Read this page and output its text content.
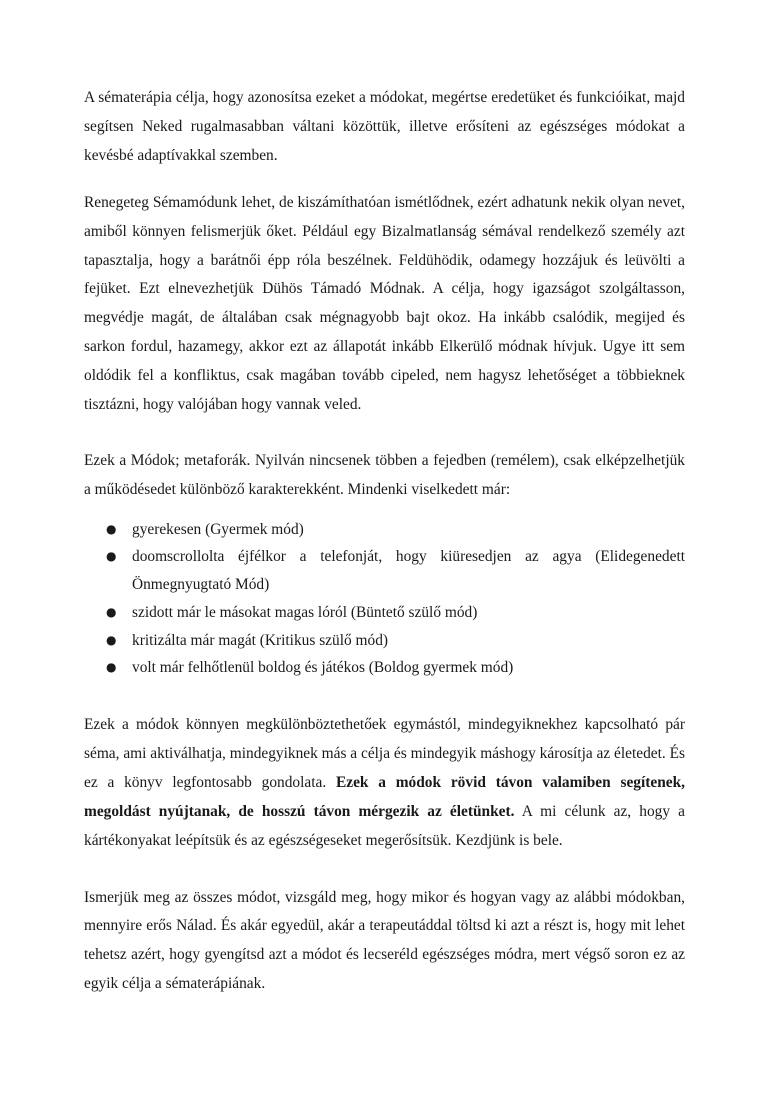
A sématerápia célja, hogy azonosítsa ezeket a módokat, megértse eredetüket és funkcióikat, majd segítsen Neked rugalmasabban váltani közöttük, illetve erősíteni az egészséges módokat a kevésbé adaptívakkal szemben.

Renegeteg Sémamódunk lehet, de kiszámíthatóan ismétlődnek, ezért adhatunk nekik olyan nevet, amiből könnyen felismerjük őket. Például egy Bizalmatlanság sémával rendelkező személy azt tapasztalja, hogy a barátnői épp róla beszélnek. Feldühödik, odamegy hozzájuk és leüvölti a fejüket. Ezt elnevezhetjük Dühös Támadó Módnak. A célja, hogy igazságot szolgáltasson, megvédje magát, de általában csak mégnagyobb bajt okoz. Ha inkább csalódik, megijed és sarkon fordul, hazamegy, akkor ezt az állapotát inkább Elkerülő módnak hívjuk. Ugye itt sem oldódik fel a konfliktus, csak magában tovább cipeled, nem hagysz lehetőséget a többieknek tisztázni, hogy valójában hogy vannak veled.

Ezek a Módok; metaforák. Nyilván nincsenek többen a fejedben (remélem), csak elképzelhetjük a működésedet különböző karakterekként. Mindenki viselkedett már:

● gyerekesen (Gyermek mód)
● doomscrollolta éjfélkor a telefonját, hogy kiüresedjen az agya (Elidegenedett Önmegnyugtató Mód)
● szidott már le másokat magas lóról (Büntető szülő mód)
● kritizálta már magát (Kritikus szülő mód)
● volt már felhőtlenül boldog és játékos (Boldog gyermek mód)

Ezek a módok könnyen megkülönböztethetőek egymástól, mindegyiknekhez kapcsolható pár séma, ami aktiválhatja, mindegyiknek más a célja és mindegyik máshogy károsítja az életedet. És ez a könyv legfontosabb gondolata. Ezek a módok rövid távon valamiben segítenek, megoldást nyújtanak, de hosszú távon mérgezik az életünket. A mi célunk az, hogy a kártékonyakat leépítsük és az egészségeseket megerősítsük. Kezdjünk is bele.

Ismerjük meg az összes módot, vizsgáld meg, hogy mikor és hogyan vagy az alábbi módokban, mennyire erős Nálad. És akár egyedül, akár a terapeutáddal töltsd ki azt a részt is, hogy mit lehet tehetsz azért, hogy gyengítsd azt a módot és lecseréld egészséges módra, mert végső soron ez az egyik célja a sématerápiának.
